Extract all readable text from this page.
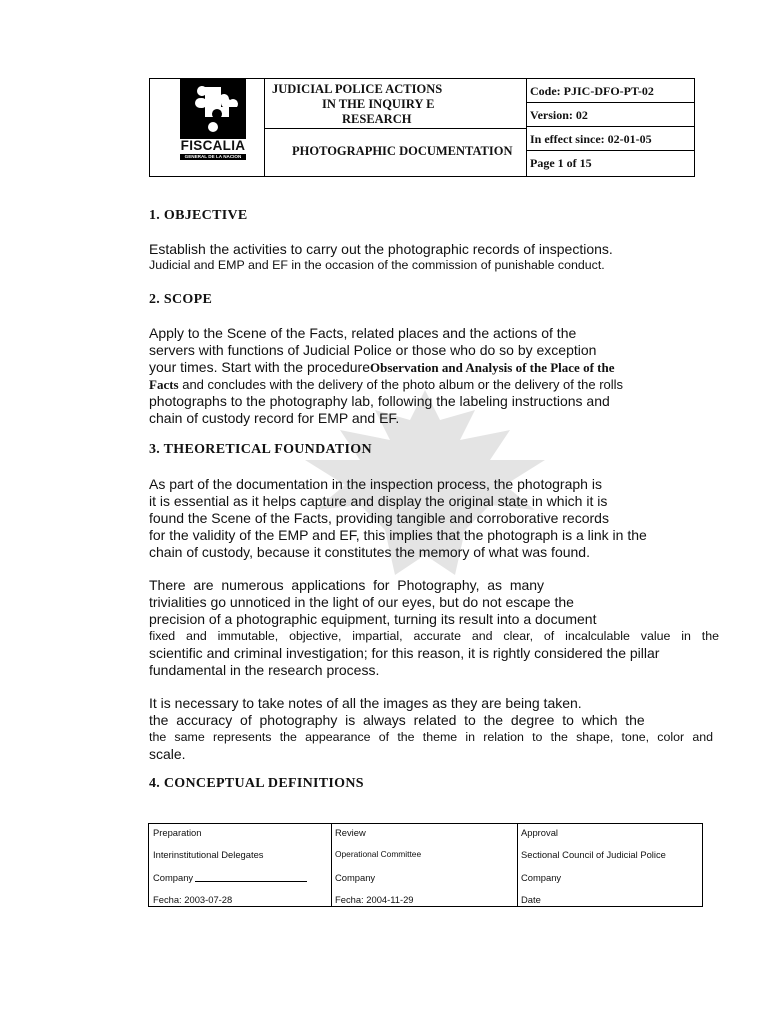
FISCALIA
GENERAL DE LA NACION
JUDICIAL POLICE ACTIONS
IN THE INQUIRY E
RESEARCH
PHOTOGRAPHIC DOCUMENTATION
Code: PJIC-DFO-PT-02
Version: 02
In effect since: 02-01-05
Page 1 of 15
1. OBJECTIVE
Establish the activities to carry out the photographic records of inspections.
Judicial and EMP and EF in the occasion of the commission of punishable conduct.
2. SCOPE
Apply to the Scene of the Facts, related places and the actions of the
servers with functions of Judicial Police or those who do so by exception
your times. Start with the procedureObservation and Analysis of the Place of the
Facts and concludes with the delivery of the photo album or the delivery of the rolls
photographs to the photography lab, following the labeling instructions and
chain of custody record for EMP and EF.
3. THEORETICAL FOUNDATION
As part of the documentation in the inspection process, the photograph is
it is essential as it helps capture and display the original state in which it is
found the Scene of the Facts, providing tangible and corroborative records
for the validity of the EMP and EF, this implies that the photograph is a link in the
chain of custody, because it constitutes the memory of what was found.
There  are  numerous  applications  for  Photography,  as  many
trivialities go unnoticed in the light of our eyes, but do not escape the
precision of a photographic equipment, turning its result into a document
fixed and immutable, objective, impartial, accurate and clear, of incalculable value in the
scientific and criminal investigation; for this reason, it is rightly considered the pillar
fundamental in the research process.
It is necessary to take notes of all the images as they are being taken.
the  accuracy  of  photography  is  always  related  to  the  degree  to  which  the
the same represents the appearance of the theme in relation to the shape, tone, color and
scale.
4. CONCEPTUAL DEFINITIONS
Preparation
Interinstitutional Delegates
Company
Fecha: 2003-07-28
Review
Operational Committee
Company
Fecha: 2004-11-29
Approval
Sectional Council of Judicial Police
Company
Date
